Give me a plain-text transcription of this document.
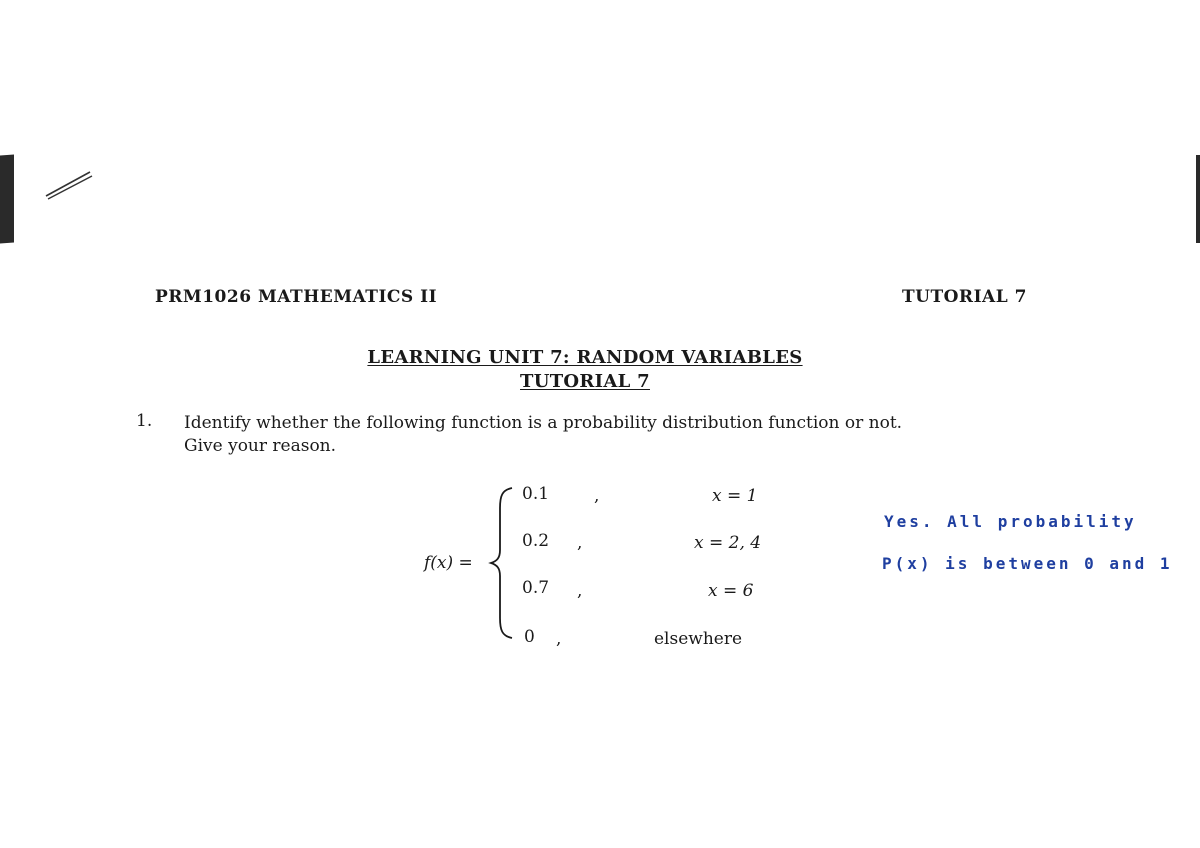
PRM1026 MATHEMATICS II	TUTORIAL 7
LEARNING UNIT 7: RANDOM VARIABLES
TUTORIAL 7
1. Identify whether the following function is a probability distribution function or not.
Give your reason.
f(x) =
0.1	,	x = 1
0.2 ,	x = 2, 4
0.7 ,	x = 6
0 ,	elsewhere
Yes. All probability
P(x) is between 0 and 1
